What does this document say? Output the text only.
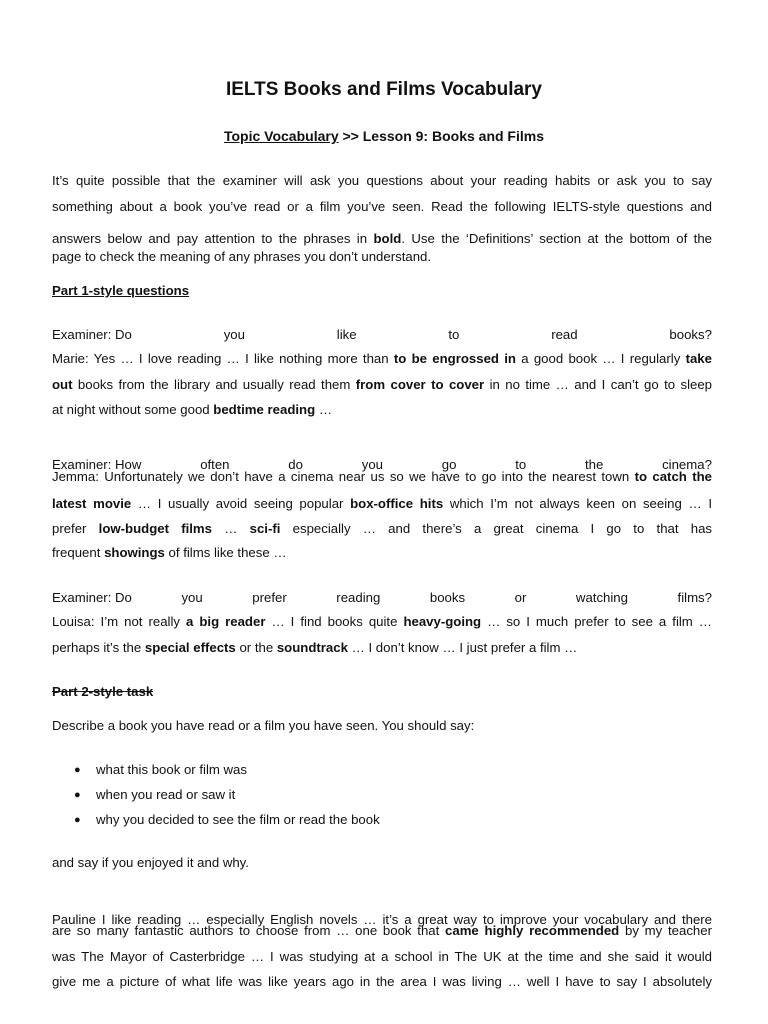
IELTS Books and Films Vocabulary
Topic Vocabulary >> Lesson 9: Books and Films
It’s quite possible that the examiner will ask you questions about your reading habits or ask you to say
something about a book you’ve read or a film you’ve seen. Read the following IELTS-style questions and
answers below and pay attention to the phrases in bold. Use the ‘Definitions’ section at the bottom of the
page to check the meaning of any phrases you don’t understand.
Part 1-style questions
Examiner: Do	you	like	to	read	books?
Marie: Yes … I love reading … I like nothing more than to be engrossed in a good book … I regularly take
out books from the library and usually read them from cover to cover in no time … and I can’t go to sleep
at night without some good bedtime reading …
Examiner: How	often	do	you	go	to	the	cinema?
Jemma: Unfortunately we don’t have a cinema near us so we have to go into the nearest town to catch the
latest movie … I usually avoid seeing popular box-office hits which I’m not always keen on seeing … I
prefer low-budget films … sci-fi especially … and there’s a great cinema I go to that has
frequent showings of films like these …
Examiner: Do	you	prefer	reading	books	or	watching	films?
Louisa: I’m not really a big reader … I find books quite heavy-going … so I much prefer to see a film …
perhaps it’s the special effects or the soundtrack … I don’t know … I just prefer a film …
Part 2-style task
Describe a book you have read or a film you have seen. You should say:
● what this book or film was
● when you read or saw it
● why you decided to see the film or read the book
and say if you enjoyed it and why.
Pauline I like reading … especially English novels … it’s a great way to improve your vocabulary and there
are so many fantastic authors to choose from … one book that came highly recommended by my teacher
was The Mayor of Casterbridge … I was studying at a school in The UK at the time and she said it would
give me a picture of what life was like years ago in the area I was living … well I have to say I absolutely
